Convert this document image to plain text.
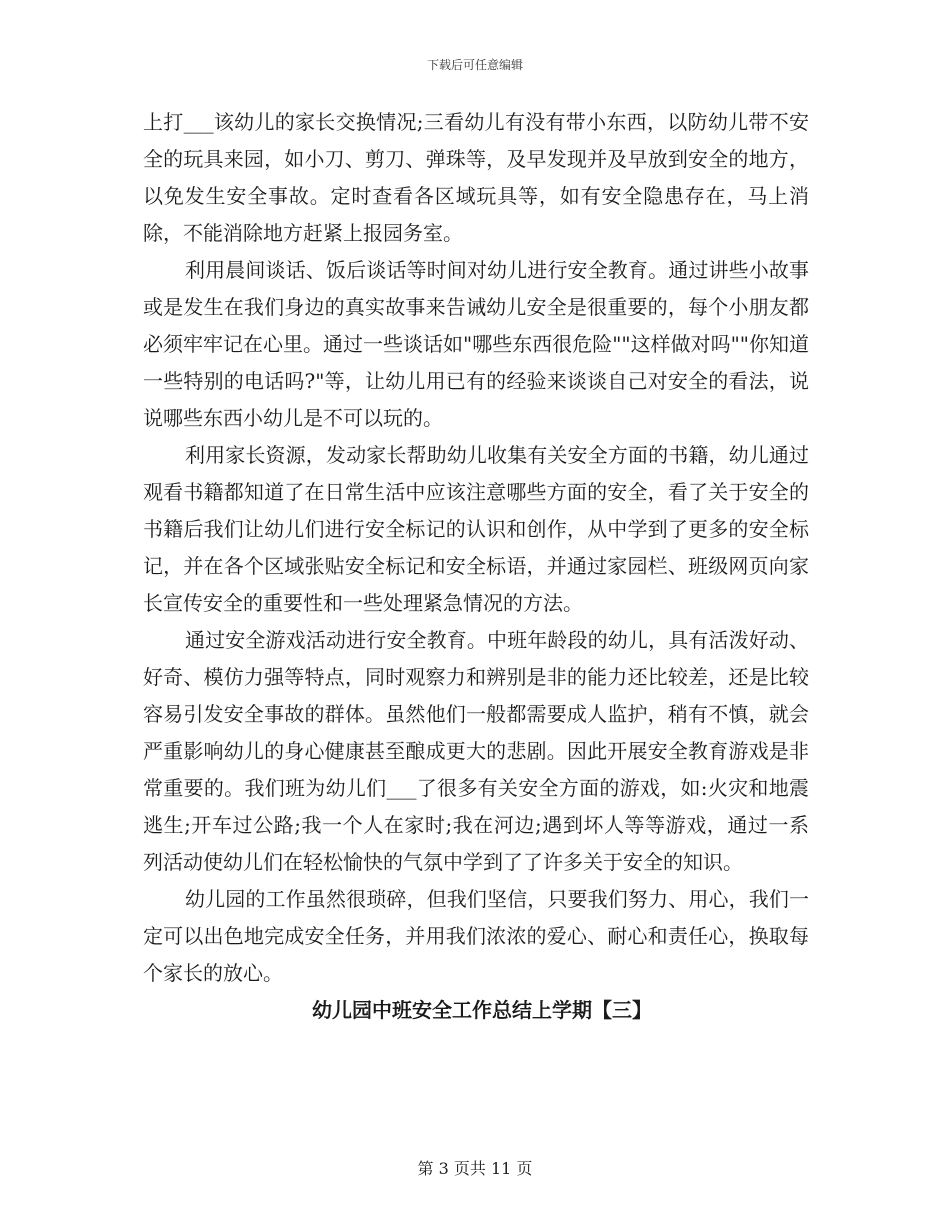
下载后可任意编辑

上打___该幼儿的家长交换情况;三看幼儿有没有带小东西，以防幼儿带不安全的玩具来园，如小刀、剪刀、弹珠等，及早发现并及早放到安全的地方，以免发生安全事故。定时查看各区域玩具等，如有安全隐患存在，马上消除，不能消除地方赶紧上报园务室。

利用晨间谈话、饭后谈话等时间对幼儿进行安全教育。通过讲些小故事或是发生在我们身边的真实故事来告诫幼儿安全是很重要的，每个小朋友都必须牢牢记在心里。通过一些谈话如"哪些东西很危险""这样做对吗""你知道一些特别的电话吗?"等，让幼儿用已有的经验来谈谈自己对安全的看法，说说哪些东西小幼儿是不可以玩的。

利用家长资源，发动家长帮助幼儿收集有关安全方面的书籍，幼儿通过观看书籍都知道了在日常生活中应该注意哪些方面的安全，看了关于安全的书籍后我们让幼儿们进行安全标记的认识和创作，从中学到了更多的安全标记，并在各个区域张贴安全标记和安全标语，并通过家园栏、班级网页向家长宣传安全的重要性和一些处理紧急情况的方法。

通过安全游戏活动进行安全教育。中班年龄段的幼儿，具有活泼好动、好奇、模仿力强等特点，同时观察力和辨别是非的能力还比较差，还是比较容易引发安全事故的群体。虽然他们一般都需要成人监护，稍有不慎，就会严重影响幼儿的身心健康甚至酿成更大的悲剧。因此开展安全教育游戏是非常重要的。我们班为幼儿们___了很多有关安全方面的游戏，如:火灾和地震逃生;开车过公路;我一个人在家时;我在河边;遇到坏人等等游戏，通过一系列活动使幼儿们在轻松愉快的气氛中学到了了许多关于安全的知识。

幼儿园的工作虽然很琐碎，但我们坚信，只要我们努力、用心，我们一定可以出色地完成安全任务，并用我们浓浓的爱心、耐心和责任心，换取每个家长的放心。

幼儿园中班安全工作总结上学期【三】
第 3 页共 11 页
